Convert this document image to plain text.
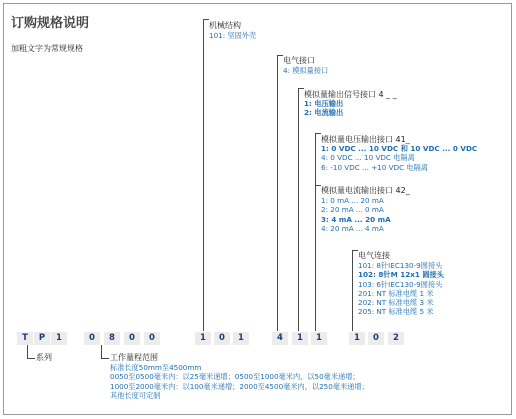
订购规格说明
加粗文字为常规规格
机械结构
101: 坚固外壳
电气接口
4: 模拟量接口
模拟量输出信号接口 4 _ _
1: 电压输出
2: 电流输出
模拟量电压输出接口 41_
1: 0 VDC ... 10 VDC 和 10 VDC ... 0 VDC
4: 0 VDC ... 10 VDC 电隔离
6: -10 VDC ... +10 VDC 电隔离
模拟量电流输出接口 42_
1: 0 mA ... 20 mA
2: 20 mA ... 0 mA
3: 4 mA ... 20 mA
4: 20 mA ... 4 mA
电气连接
101: 8针IEC130-9圆接头
102: 8针M 12x1 圆接头
103: 6针IEC130-9圆接头
201: NT 标准电缆 1 米
202: NT 标准电缆 3 米
205: NT 标准电缆 5 米
T	P	1	0	8	0	0	1	0	1	4	1	1	1	0	2
系列	工作量程范围
标准长度50mm至4500mm
0050至0500毫米内：以25毫米递增；0500至1000毫米内，以50毫米递增；
1000至2000毫米内：以100毫米递增；2000至4500毫米内，以250毫米递增；
其他长度可定制
